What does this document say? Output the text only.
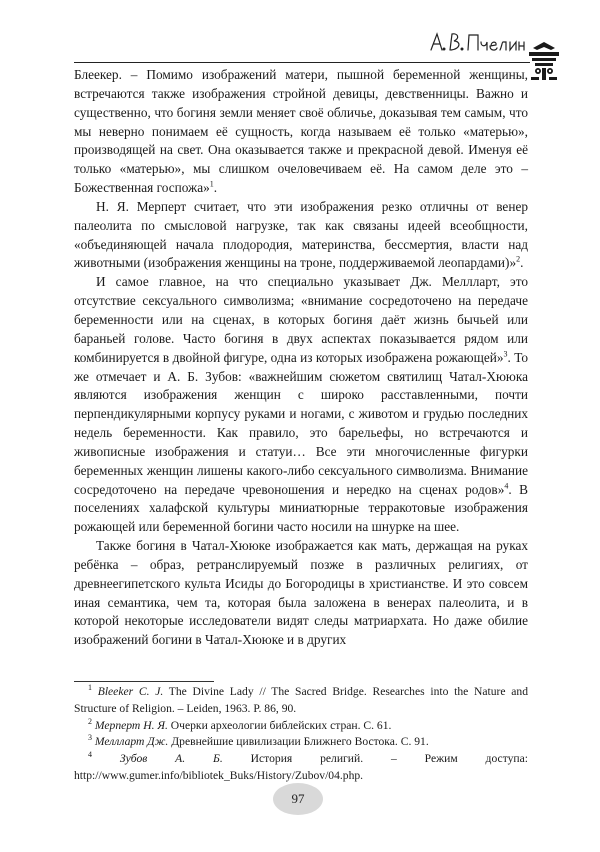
Блеекер. – Помимо изображений матери, пышной беременной женщины, встречаются также изображения стройной девицы, девственницы. Важно и существенно, что богиня земли меняет своё обличье, доказывая тем самым, что мы неверно понимаем её сущность, когда называем её только «матерью», производящей на свет. Она оказывается также и прекрасной девой. Именуя её только «матерью», мы слишком очеловечиваем её. На самом деле это – Божественная госпожа»$^1$.

Н. Я. Мерперт считает, что эти изображения резко отличны от венер палеолита по смысловой нагрузке, так как связаны идеей всеобщности, «объединяющей начала плодородия, материнства, бессмертия, власти над животными (изображения женщины на троне, поддерживаемой леопардами)»$^2$.

И самое главное, на что специально указывает Дж. Меллларт, это отсутствие сексуального символизма; «внимание сосредоточено на передаче беременности или на сценах, в которых богиня даёт жизнь бычьей или бараньей голове. Часто богиня в двух аспектах показывается рядом или комбинируется в двойной фигуре, одна из которых изображена рожающей»$^3$. То же отмечает и А. Б. Зубов: «важнейшим сюжетом святилищ Чатал-Хююка являются изображения женщин с широко расставленными, почти перпендикулярными корпусу руками и ногами, с животом и грудью последних недель беременности. Как правило, это барельефы, но встречаются и живописные изображения и статуи… Все эти многочисленные фигурки беременных женщин лишены какого-либо сексуального символизма. Внимание сосредоточено на передаче чревоношения и нередко на сценах родов»$^4$. В поселениях халафской культуры миниатюрные терракотовые изображения рожающей или беременной богини часто носили на шнурке на шее.

Также богиня в Чатал-Хююке изображается как мать, держащая на руках ребёнка – образ, ретранслируемый позже в различных религиях, от древнеегипетского культа Исиды до Богородицы в христианстве. И это совсем иная семантика, чем та, которая была заложена в венерах палеолита, и в которой некоторые исследователи видят следы матриархата. Но даже обилие изображений богини в Чатал-Хююке и в других

$^1$ Bleeker C. J. The Divine Lady // The Sacred Bridge. Researches into the Nature and Structure of Religion. – Leiden, 1963. P. 86, 90.

$^2$ Мерперт Н. Я. Очерки археологии библейских стран. С. 61.

$^3$ Меллларт Дж. Древнейшие цивилизации Ближнего Востока. С. 91.

$^4$ Зубов А. Б. История религий. – Режим доступа: http://www.gumer.info/bibliotek_Buks/History/Zubov/04.php.

97
